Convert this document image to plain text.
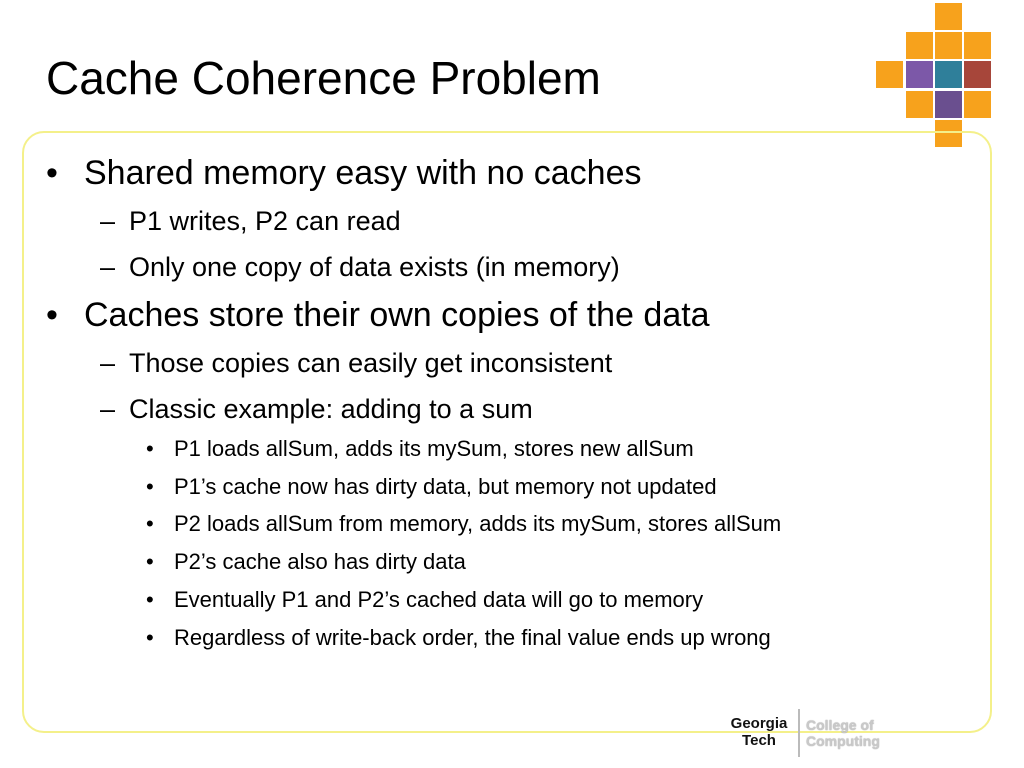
Cache Coherence Problem
• Shared memory easy with no caches
– P1 writes, P2 can read
– Only one copy of data exists (in memory)
• Caches store their own copies of the data
– Those copies can easily get inconsistent
– Classic example: adding to a sum
• P1 loads allSum, adds its mySum, stores new allSum
• P1’s cache now has dirty data, but memory not updated
• P2 loads allSum from memory, adds its mySum, stores allSum
• P2’s cache also has dirty data
• Eventually P1 and P2’s cached data will go to memory
• Regardless of write-back order, the final value ends up wrong
Georgia
Tech
College of
Computing
